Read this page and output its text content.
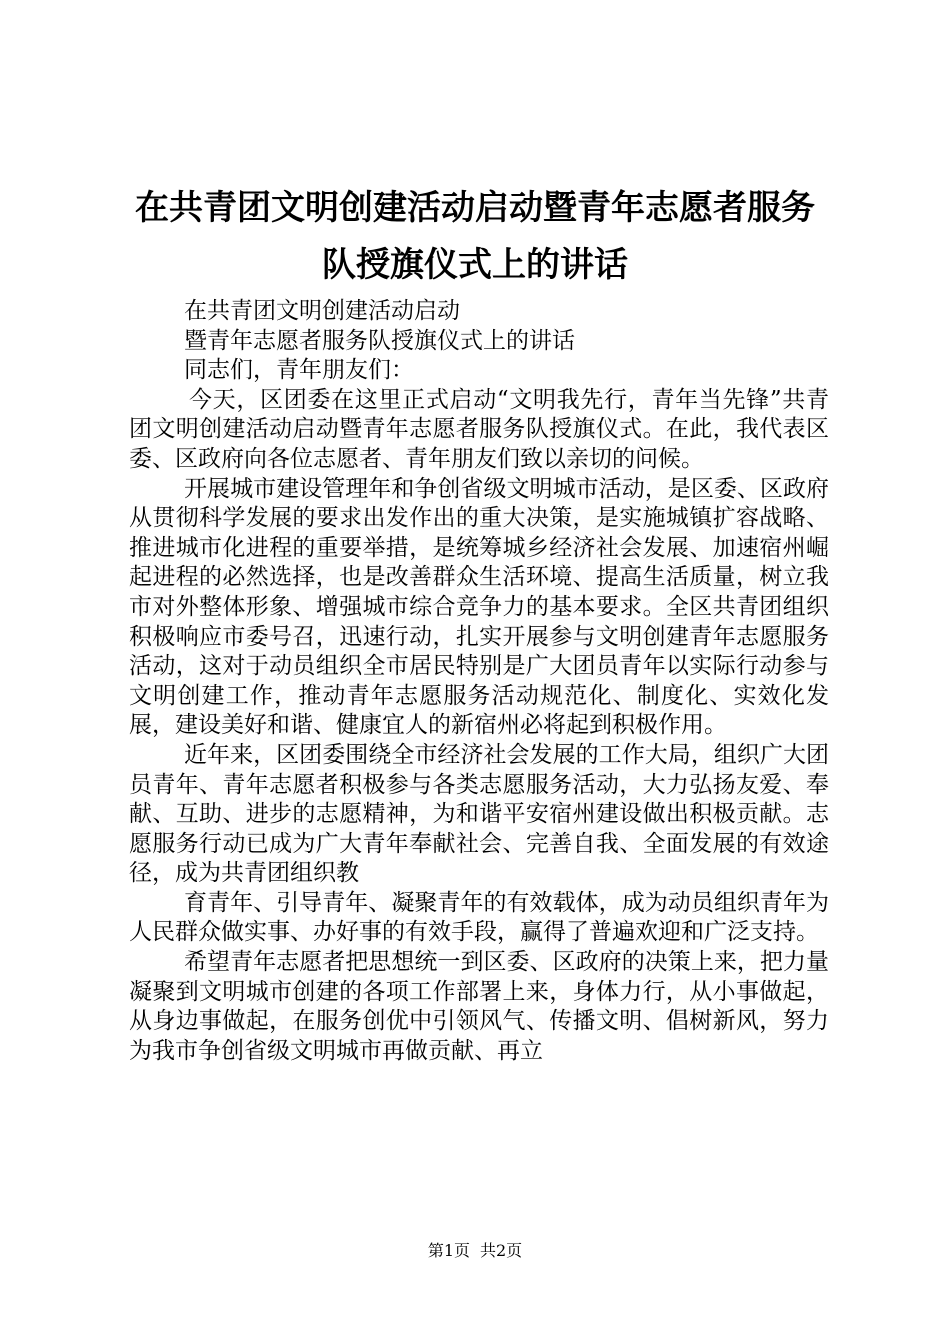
在共青团文明创建活动启动暨青年志愿者服务
队授旗仪式上的讲话

在共青团文明创建活动启动

暨青年志愿者服务队授旗仪式上的讲话

同志们，青年朋友们：

今天，区团委在这里正式启动“文明我先行，青年当先锋”共青团文明创建活动启动暨青年志愿者服务队授旗仪式。在此，我代表区委、区政府向各位志愿者、青年朋友们致以亲切的问候。

开展城市建设管理年和争创省级文明城市活动，是区委、区政府从贯彻科学发展的要求出发作出的重大决策，是实施城镇扩容战略、推进城市化进程的重要举措，是统筹城乡经济社会发展、加速宿州崛起进程的必然选择，也是改善群众生活环境、提高生活质量，树立我市对外整体形象、增强城市综合竞争力的基本要求。全区共青团组织积极响应市委号召，迅速行动，扎实开展参与文明创建青年志愿服务活动，这对于动员组织全市居民特别是广大团员青年以实际行动参与文明创建工作，推动青年志愿服务活动规范化、制度化、实效化发展，建设美好和谐、健康宜人的新宿州必将起到积极作用。

近年来，区团委围绕全市经济社会发展的工作大局，组织广大团员青年、青年志愿者积极参与各类志愿服务活动，大力弘扬友爱、奉献、互助、进步的志愿精神，为和谐平安宿州建设做出积极贡献。志愿服务行动已成为广大青年奉献社会、完善自我、全面发展的有效途径，成为共青团组织教

育青年、引导青年、凝聚青年的有效载体，成为动员组织青年为人民群众做实事、办好事的有效手段，赢得了普遍欢迎和广泛支持。

希望青年志愿者把思想统一到区委、区政府的决策上来，把力量凝聚到文明城市创建的各项工作部署上来，身体力行，从小事做起，从身边事做起，在服务创优中引领风气、传播文明、倡树新风，努力为我市争创省级文明城市再做贡献、再立

第1页 共2页
